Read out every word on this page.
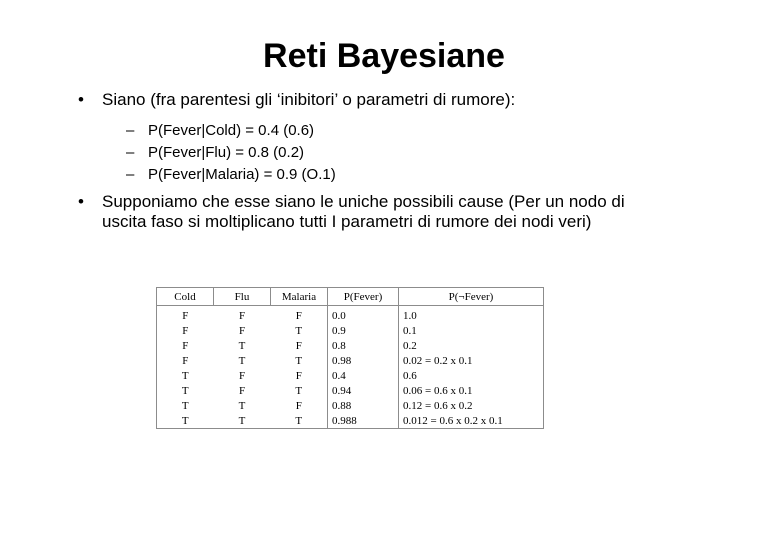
Reti Bayesiane
• Siano (fra parentesi gli ‘inibitori’ o parametri di rumore):
– P(Fever|Cold) = 0.4 (0.6)
– P(Fever|Flu) = 0.8 (0.2)
– P(Fever|Malaria) = 0.9 (O.1)
• Supponiamo che esse siano le uniche possibili cause (Per un nodo di uscita faso si moltiplicano tutti I parametri di rumore dei nodi veri)
Cold	Flu	Malaria	P(Fever)	P(¬Fever)
F	F	F	0.0	1.0
F	F	T	0.9	0.1
F	T	F	0.8	0.2
F	T	T	0.98	0.02 = 0.2 x 0.1
T	F	F	0.4	0.6
T	F	T	0.94	0.06 = 0.6 x 0.1
T	T	F	0.88	0.12 = 0.6 x 0.2
T	T	T	0.988	0.012 = 0.6 x 0.2 x 0.1
